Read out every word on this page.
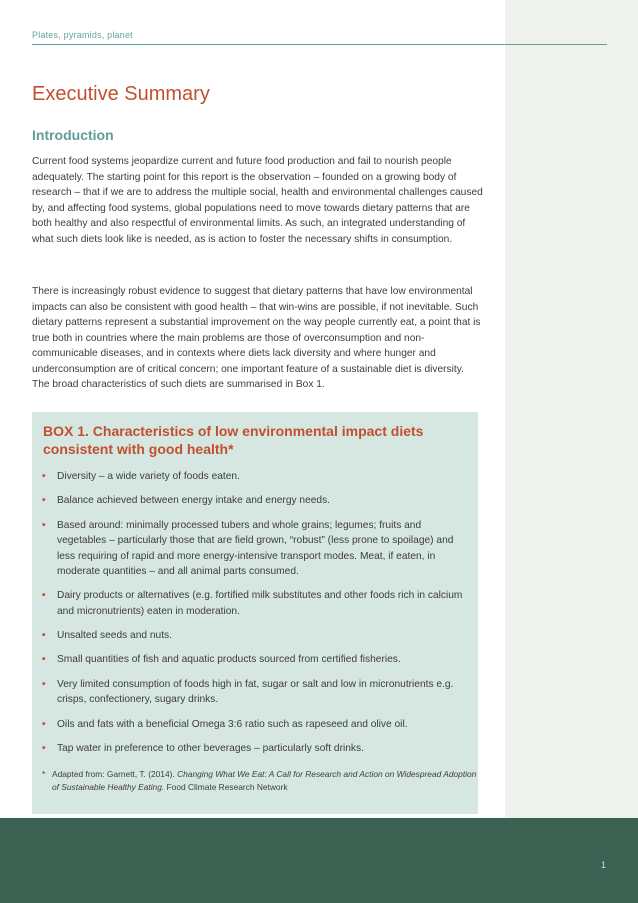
Plates, pyramids, planet
Executive Summary
Introduction

Current food systems jeopardize current and future food production and fail to nourish people adequately. The starting point for this report is the observation – founded on a growing body of research – that if we are to address the multiple social, health and environmental challenges caused by, and affecting food systems, global populations need to move towards dietary patterns that are both healthy and also respectful of environmental limits. As such, an integrated understanding of what such diets look like is needed, as is action to foster the necessary shifts in consumption.

There is increasingly robust evidence to suggest that dietary patterns that have low environmental impacts can also be consistent with good health – that win-wins are possible, if not inevitable. Such dietary patterns represent a substantial improvement on the way people currently eat, a point that is true both in countries where the main problems are those of overconsumption and non-communicable diseases, and in contexts where diets lack diversity and where hunger and underconsumption are of critical concern; one important feature of a sustainable diet is diversity. The broad characteristics of such diets are summarised in Box 1.

BOX 1. Characteristics of low environmental impact diets consistent with good health*
• Diversity – a wide variety of foods eaten.
• Balance achieved between energy intake and energy needs.
• Based around: minimally processed tubers and whole grains; legumes; fruits and vegetables – particularly those that are field grown, “robust” (less prone to spoilage) and less requiring of rapid and more energy-intensive transport modes. Meat, if eaten, in moderate quantities – and all animal parts consumed.
• Dairy products or alternatives (e.g. fortified milk substitutes and other foods rich in calcium and micronutrients) eaten in moderation.
• Unsalted seeds and nuts.
• Small quantities of fish and aquatic products sourced from certified fisheries.
• Very limited consumption of foods high in fat, sugar or salt and low in micronutrients e.g. crisps, confectionery, sugary drinks.
• Oils and fats with a beneficial Omega 3:6 ratio such as rapeseed and olive oil.
• Tap water in preference to other beverages – particularly soft drinks.
* Adapted from: Garnett, T. (2014). Changing What We Eat: A Call for Research and Action on Widespread Adoption of Sustainable Healthy Eating. Food Climate Research Network
1
